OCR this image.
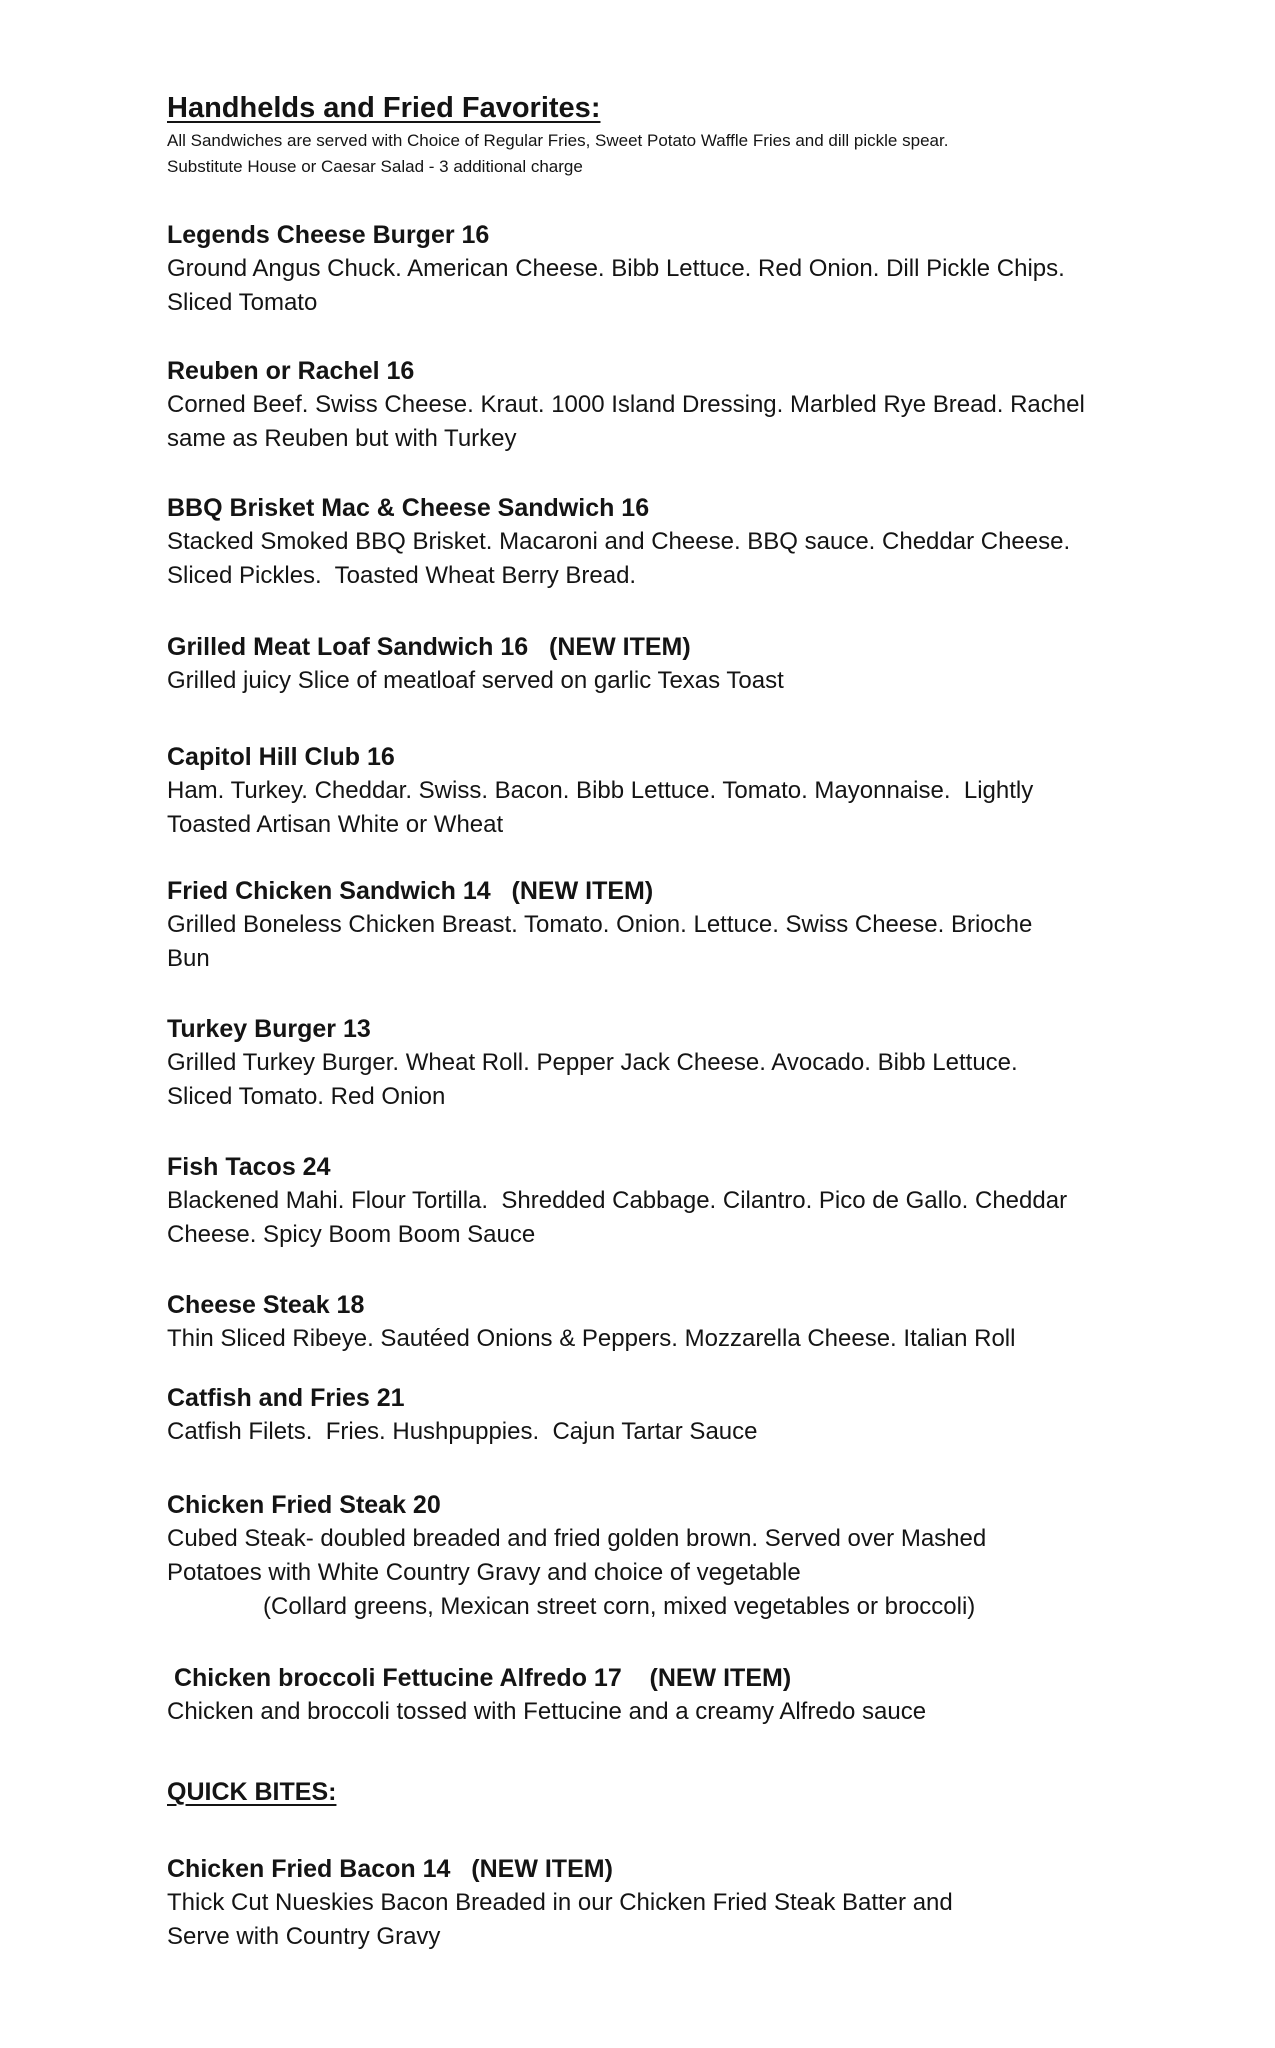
Handhelds and Fried Favorites:

All Sandwiches are served with Choice of Regular Fries, Sweet Potato Waffle Fries and dill pickle spear.

Substitute House or Caesar Salad - 3 additional charge

Legends Cheese Burger 16

Ground Angus Chuck. American Cheese. Bibb Lettuce. Red Onion. Dill Pickle Chips.

Sliced Tomato

Reuben or Rachel 16

Corned Beef. Swiss Cheese. Kraut. 1000 Island Dressing. Marbled Rye Bread. Rachel

same as Reuben but with Turkey

BBQ Brisket Mac & Cheese Sandwich 16

Stacked Smoked BBQ Brisket. Macaroni and Cheese. BBQ sauce. Cheddar Cheese.

Sliced Pickles.  Toasted Wheat Berry Bread.

Grilled Meat Loaf Sandwich 16   (NEW ITEM)

Grilled juicy Slice of meatloaf served on garlic Texas Toast

Capitol Hill Club 16

Ham. Turkey. Cheddar. Swiss. Bacon. Bibb Lettuce. Tomato. Mayonnaise.  Lightly

Toasted Artisan White or Wheat

Fried Chicken Sandwich 14   (NEW ITEM)

Grilled Boneless Chicken Breast. Tomato. Onion. Lettuce. Swiss Cheese. Brioche

Bun

Turkey Burger 13

Grilled Turkey Burger. Wheat Roll. Pepper Jack Cheese. Avocado. Bibb Lettuce.

Sliced Tomato. Red Onion

Fish Tacos 24

Blackened Mahi. Flour Tortilla.  Shredded Cabbage. Cilantro. Pico de Gallo. Cheddar

Cheese. Spicy Boom Boom Sauce

Cheese Steak 18

Thin Sliced Ribeye. Sautéed Onions & Peppers. Mozzarella Cheese. Italian Roll

Catfish and Fries 21

Catfish Filets.  Fries. Hushpuppies.  Cajun Tartar Sauce

Chicken Fried Steak 20

Cubed Steak- doubled breaded and fried golden brown. Served over Mashed

Potatoes with White Country Gravy and choice of vegetable

(Collard greens, Mexican street corn, mixed vegetables or broccoli)

Chicken broccoli Fettucine Alfredo 17    (NEW ITEM)

Chicken and broccoli tossed with Fettucine and a creamy Alfredo sauce

QUICK BITES:

Chicken Fried Bacon 14   (NEW ITEM)

Thick Cut Nueskies Bacon Breaded in our Chicken Fried Steak Batter and

Serve with Country Gravy
